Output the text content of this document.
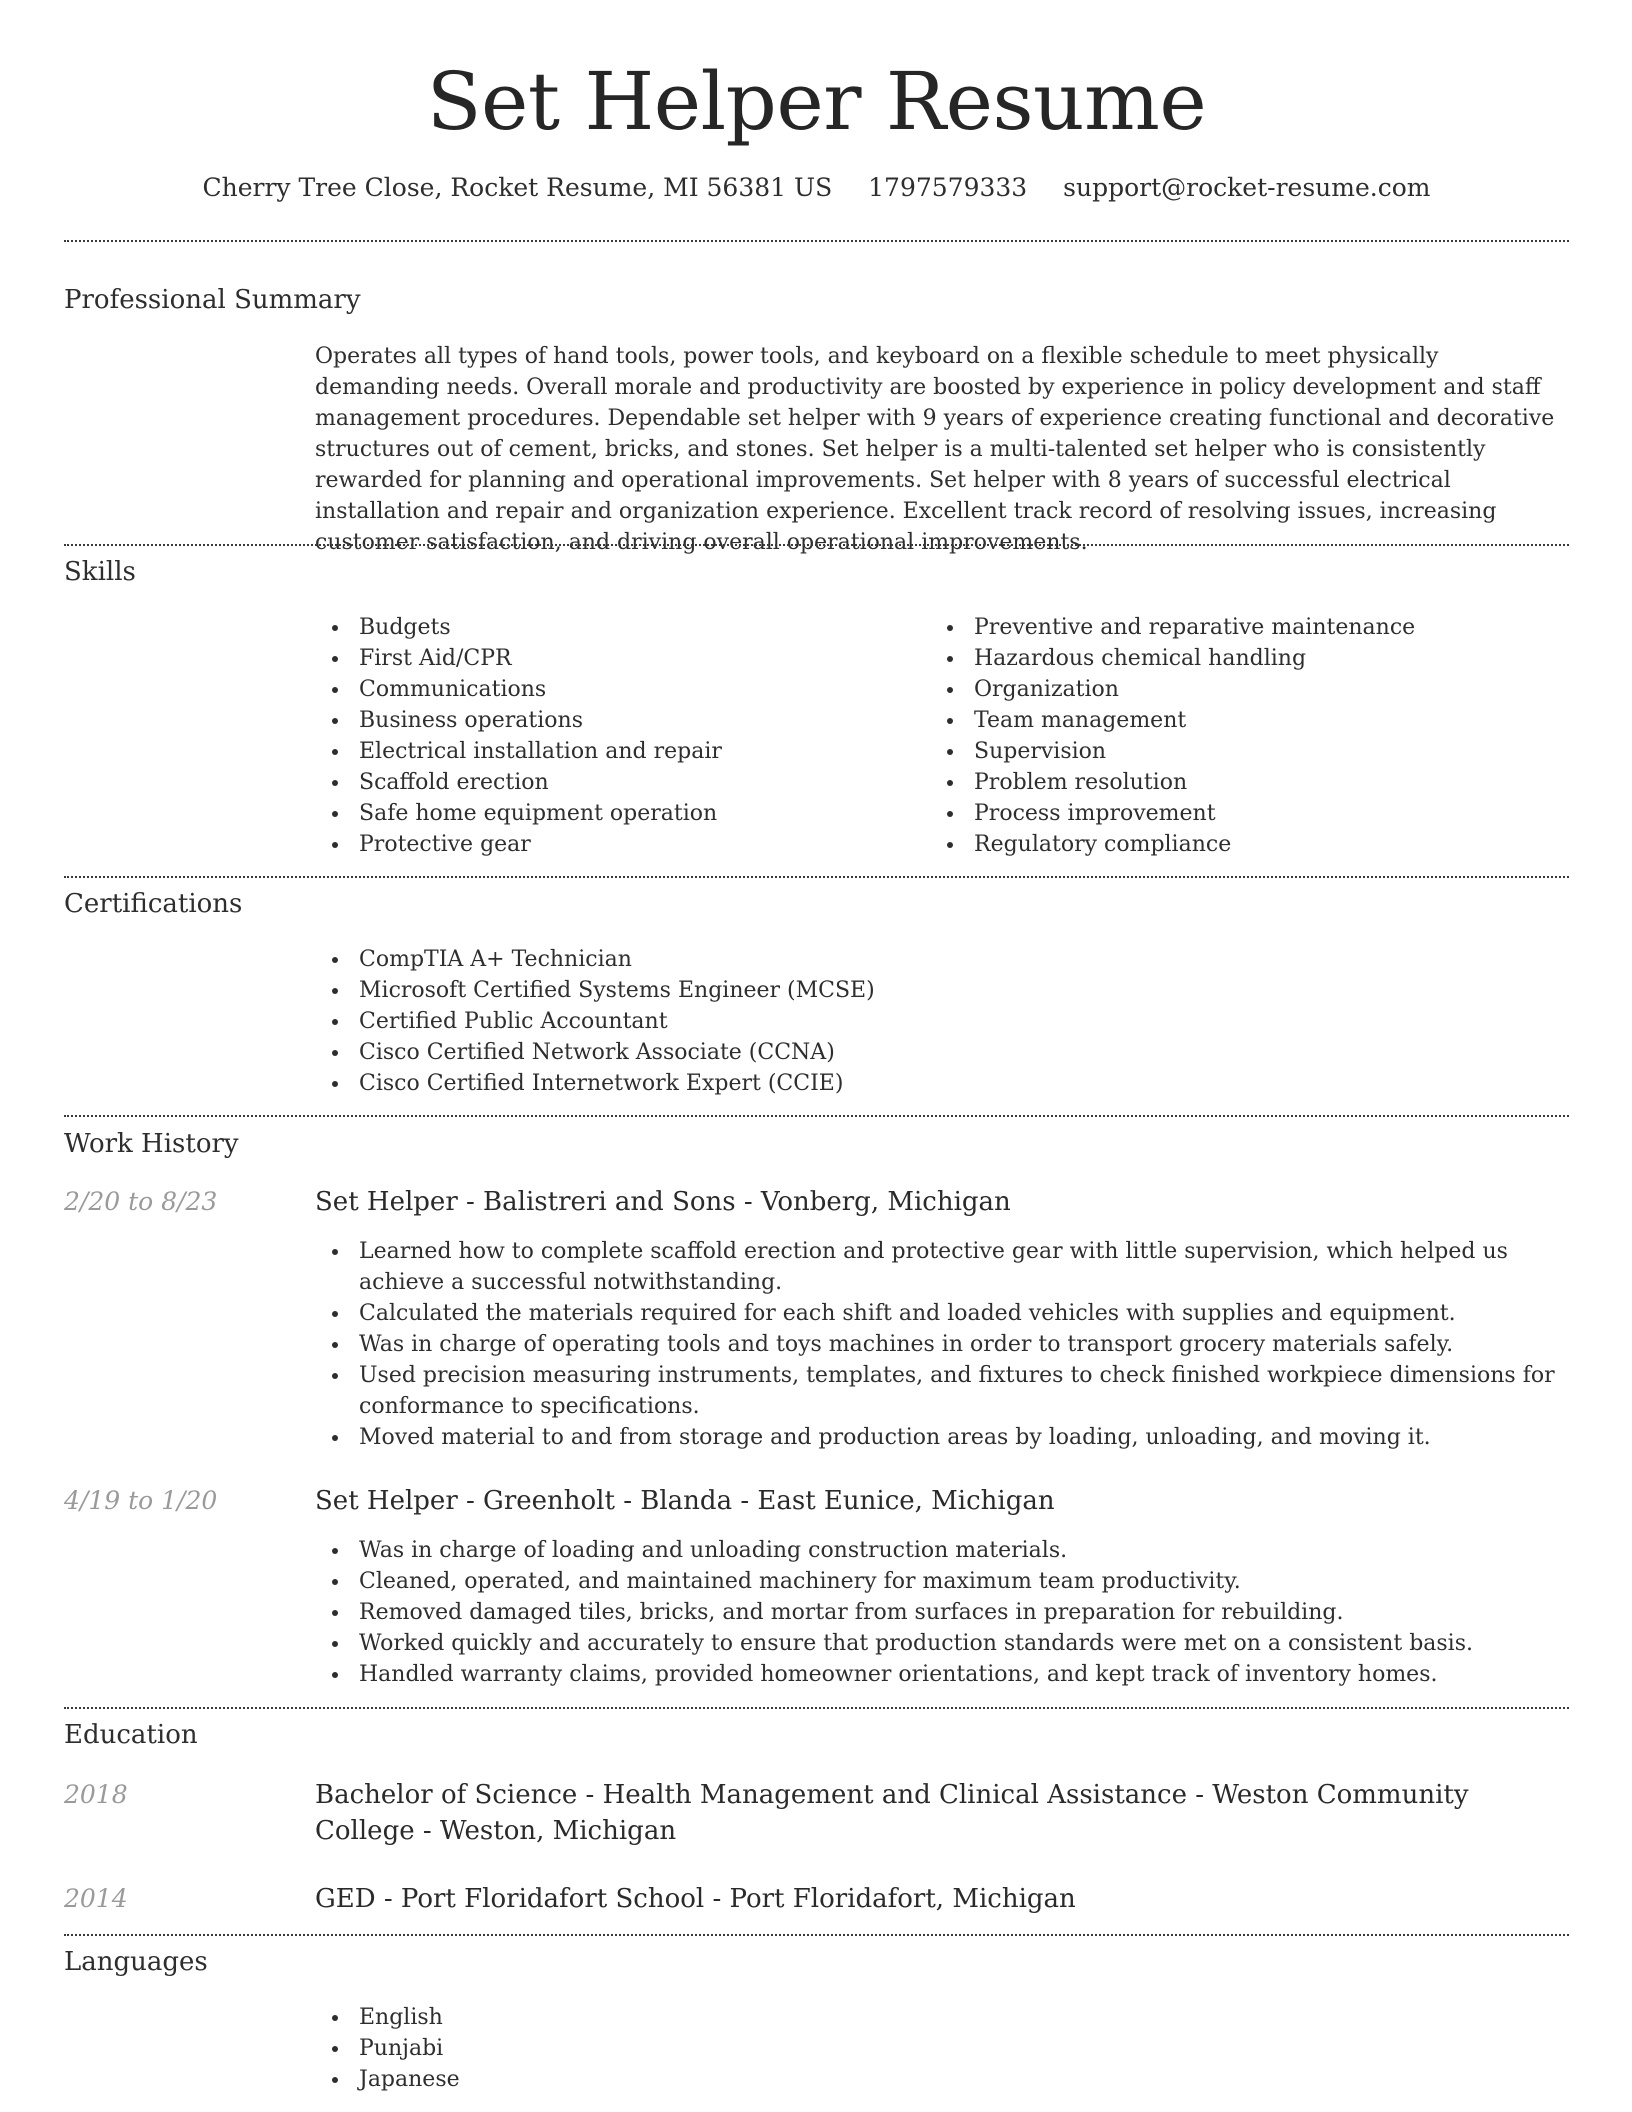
Set Helper Resume
Cherry Tree Close, Rocket Resume, MI 56381 US 1797579333 support@rocket-resume.com
Professional Summary
Operates all types of hand tools, power tools, and keyboard on a flexible schedule to meet physically demanding needs. Overall morale and productivity are boosted by experience in policy development and staff management procedures. Dependable set helper with 9 years of experience creating functional and decorative structures out of cement, bricks, and stones. Set helper is a multi-talented set helper who is consistently rewarded for planning and operational improvements. Set helper with 8 years of successful electrical installation and repair and organization experience. Excellent track record of resolving issues, increasing customer satisfaction, and driving overall operational improvements.
Skills
Budgets
First Aid/CPR
Communications
Business operations
Electrical installation and repair
Scaffold erection
Safe home equipment operation
Protective gear
Preventive and reparative maintenance
Hazardous chemical handling
Organization
Team management
Supervision
Problem resolution
Process improvement
Regulatory compliance
Certifications
CompTIA A+ Technician
Microsoft Certified Systems Engineer (MCSE)
Certified Public Accountant
Cisco Certified Network Associate (CCNA)
Cisco Certified Internetwork Expert (CCIE)
Work History
2/20 to 8/23	Set Helper - Balistreri and Sons - Vonberg, Michigan
Learned how to complete scaffold erection and protective gear with little supervision, which helped us achieve a successful notwithstanding.
Calculated the materials required for each shift and loaded vehicles with supplies and equipment.
Was in charge of operating tools and toys machines in order to transport grocery materials safely.
Used precision measuring instruments, templates, and fixtures to check finished workpiece dimensions for conformance to specifications.
Moved material to and from storage and production areas by loading, unloading, and moving it.
4/19 to 1/20	Set Helper - Greenholt - Blanda - East Eunice, Michigan
Was in charge of loading and unloading construction materials.
Cleaned, operated, and maintained machinery for maximum team productivity.
Removed damaged tiles, bricks, and mortar from surfaces in preparation for rebuilding.
Worked quickly and accurately to ensure that production standards were met on a consistent basis.
Handled warranty claims, provided homeowner orientations, and kept track of inventory homes.
Education
2018	Bachelor of Science - Health Management and Clinical Assistance - Weston Community College - Weston, Michigan
2014	GED - Port Floridafort School - Port Floridafort, Michigan
Languages
English
Punjabi
Japanese
